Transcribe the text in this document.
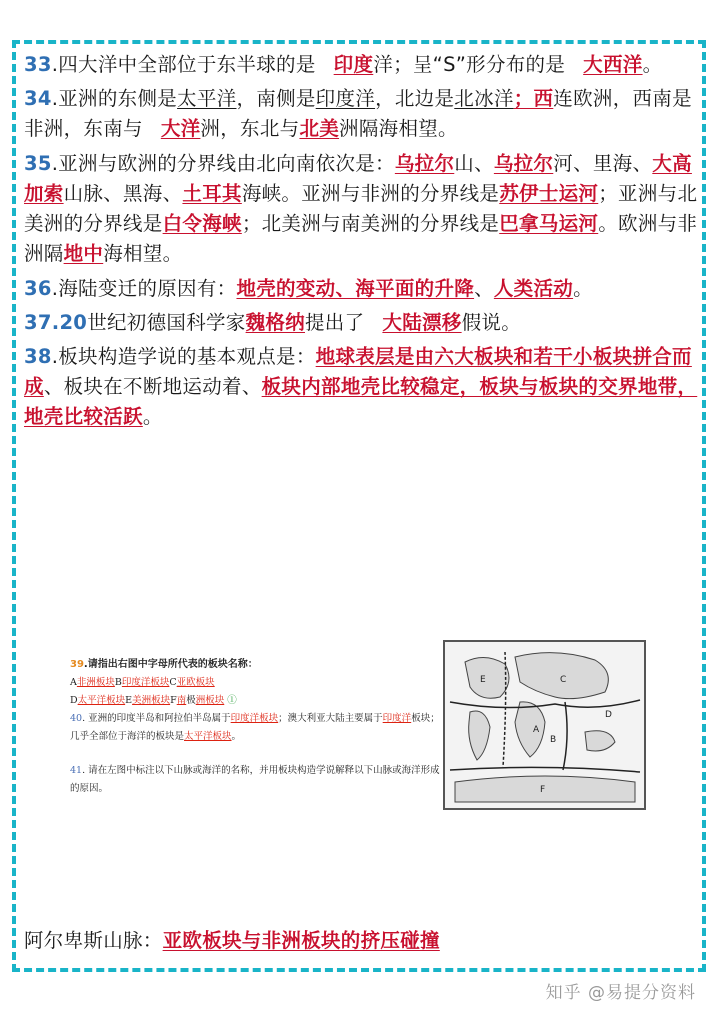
33.四大洋中全部位于东半球的是 印度洋；呈“S”形分布的是 大西洋。

34.亚洲的东侧是太平洋，南侧是印度洋，北边是北冰洋；西连欧洲，西南是非洲，东南与 大洋洲，东北与北美洲隔海相望。

35.亚洲与欧洲的分界线由北向南依次是：乌拉尔山、乌拉尔河、里海、大高加索山脉、黑海、土耳其海峡。亚洲与非洲的分界线是苏伊士运河；亚洲与北美洲的分界线是白令海峡；北美洲与南美洲的分界线是巴拿马运河。欧洲与非洲隔地中海相望。

36.海陆变迁的原因有：地壳的变动、海平面的升降、人类活动。

37.20世纪初德国科学家魏格纳提出了 大陆漂移假说。

38.板块构造学说的基本观点是：地球表层是由六大板块和若干小板块拼合而成、板块在不断地运动着、板块内部地壳比较稳定，板块与板块的交界地带，地壳比较活跃。

39.请指出右图中字母所代表的板块名称：
A非洲板块B印度洋板块C亚欧板块
D太平洋板块E美洲板块F南极洲板块 ①
40. 亚洲的印度半岛和阿拉伯半岛属于印度洋板块；澳大利亚大陆主要属于印度洋板块；几乎全部位于海洋的板块是太平洋板块。
41. 请在左图中标注以下山脉或海洋的名称，并用板块构造学说解释以下山脉或海洋形成的原因。
A
B
C
D
E
F
阿尔卑斯山脉：亚欧板块与非洲板块的挤压碰撞
知乎 @易提分资料
